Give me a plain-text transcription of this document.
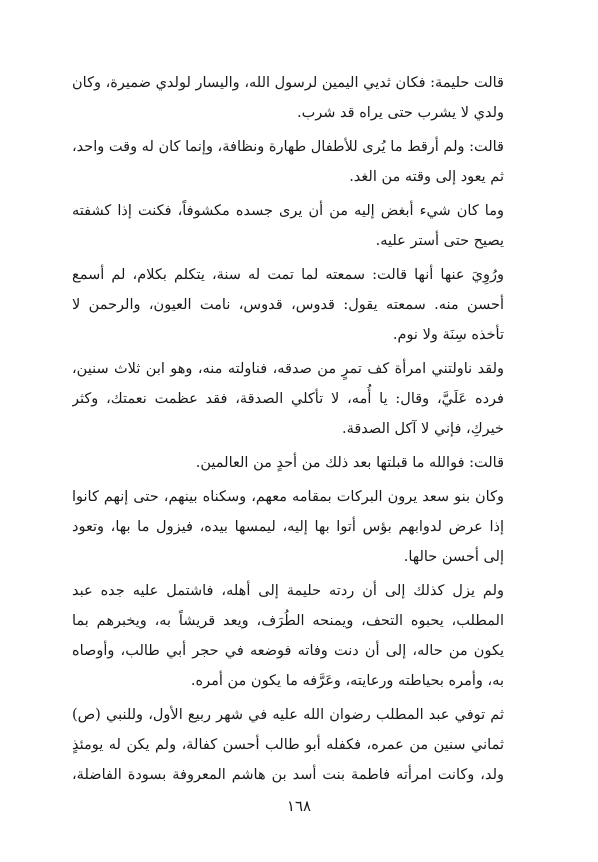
قالت حليمة: فكان ثديي اليمين لرسول الله، واليسار لولدي ضميرة، وكان ولدي لا يشرب حتى يراه قد شرب.

قالت: ولم أرقط ما يُرى للأطفال طهارة ونظافة، وإنما كان له وقت واحد، ثم يعود إلى وقته من الغد.

وما كان شيء أبغض إليه من أن يرى جسده مكشوفاً، فكنت إذا كشفته يصيح حتى أستر عليه.

ورُوِيَ عنها أنها قالت: سمعته لما تمت له سنة، يتكلم بكلام، لم أسمع أحسن منه. سمعته يقول: قدوس، قدوس، نامت العيون، والرحمن لا تأخذه سِنَة ولا نوم.

ولقد ناولتني امرأة كف تمرٍ من صدقه، فناولته منه، وهو ابن ثلاث سنين، فرده عَلَيَّ، وقال: يا أُمه، لا تأكلي الصدقة، فقد عظمت نعمتك، وكثر خيركِ، فإني لا آكل الصدقة.

قالت: فوالله ما قبلتها بعد ذلك من أحدٍ من العالمين.

وكان بنو سعد يرون البركات بمقامه معهم، وسكناه بينهم، حتى إنهم كانوا إذا عرض لدوابهم بؤس أتوا بها إليه، ليمسها بيده، فيزول ما بها، وتعود إلى أحسن حالها.

ولم يزل كذلك إلى أن ردته حليمة إلى أهله، فاشتمل عليه جده عبد المطلب، يحبوه التحف، ويمنحه الطُرَف، ويعد قريشاً به، ويخبرهم بما يكون من حاله، إلى أن دنت وفاته فوضعه في حجر أبي طالب، وأوصاه به، وأمره بحياطته ورعايته، وعَرَّفه ما يكون من أمره.

ثم توفي عبد المطلب رضوان الله عليه في شهر ربيع الأول، وللنبي (ص) ثماني سنين من عمره، فكفله أبو طالب أحسن كفالة، ولم يكن له يومئذٍ ولد، وكانت امرأته فاطمة بنت أسد بن هاشم المعروفة بسودة الفاضلة،

١٦٨
